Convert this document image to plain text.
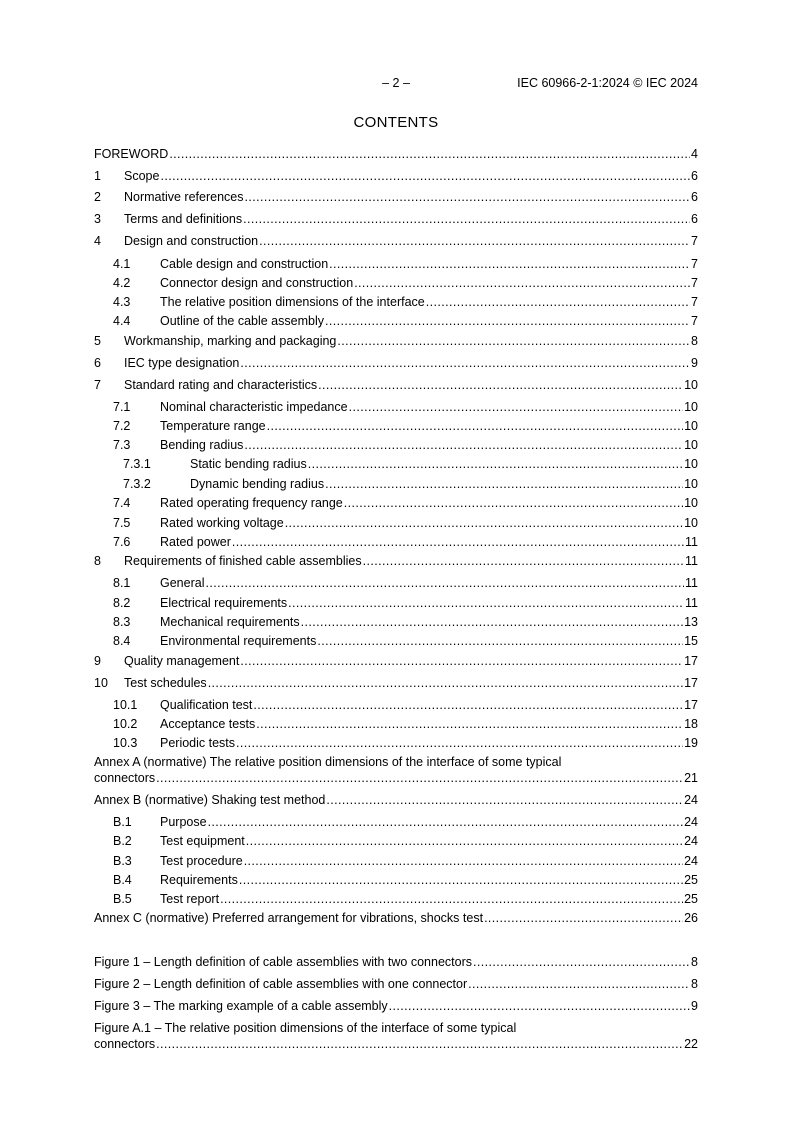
– 2 –	IEC 60966-2-1:2024 © IEC 2024
CONTENTS
FOREWORD .....	4
1 Scope .....	6
2 Normative references .....	6
3 Terms and definitions .....	6
4 Design and construction .....	7
4.1 Cable design and construction .....	7
4.2 Connector design and construction .....	7
4.3 The relative position dimensions of the interface .....	7
4.4 Outline of the cable assembly .....	7
5 Workmanship, marking and packaging .....	8
6 IEC type designation .....	9
7 Standard rating and characteristics .....	10
7.1 Nominal characteristic impedance .....	10
7.2 Temperature range .....	10
7.3 Bending radius .....	10
7.3.1	Static bending radius .....	10
7.3.2	Dynamic bending radius .....	10
7.4 Rated operating frequency range .....	10
7.5 Rated working voltage .....	10
7.6 Rated power .....	11
8 Requirements of finished cable assemblies .....	11
8.1 General .....	11
8.2 Electrical requirements .....	11
8.3 Mechanical requirements .....	13
8.4 Environmental requirements .....	15
9 Quality management .....	17
10 Test schedules .....	17
10.1 Qualification test .....	17
10.2 Acceptance tests .....	18
10.3 Periodic tests .....	19
Annex A (normative) The relative position dimensions of the interface of some typical
connectors .....	21
Annex B (normative) Shaking test method .....	24
B.1 Purpose .....	24
B.2 Test equipment .....	24
B.3 Test procedure .....	24
B.4 Requirements .....	25
B.5 Test report .....	25
Annex C (normative) Preferred arrangement for vibrations, shocks test .....	26
Figure 1 – Length definition of cable assemblies with two connectors .....	8
Figure 2 – Length definition of cable assemblies with one connector .....	8
Figure 3 – The marking example of a cable assembly .....	9
Figure A.1 – The relative position dimensions of the interface of some typical
connectors .....	22
